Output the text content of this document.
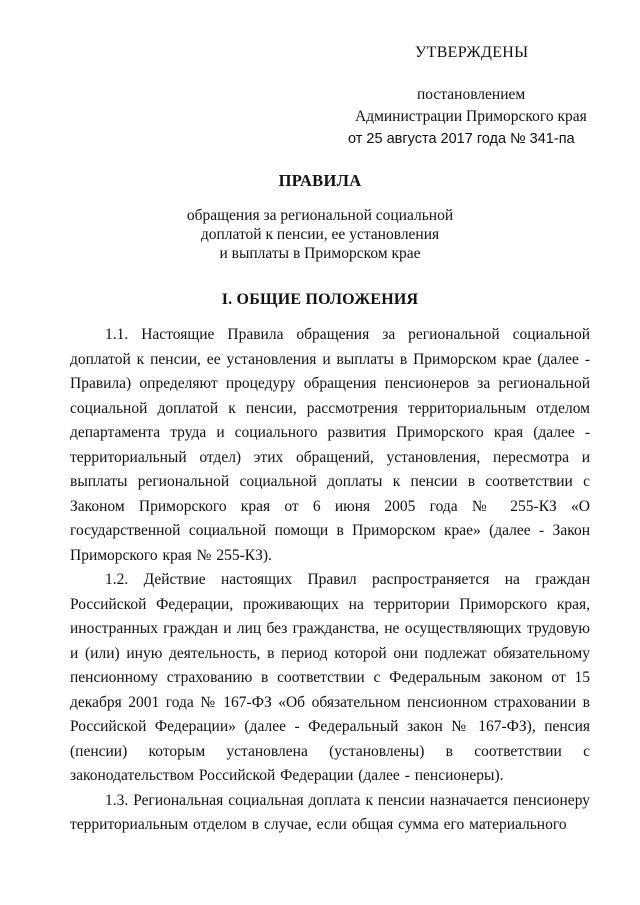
УТВЕРЖДЕНЫ
постановлением
Администрации Приморского края
от 25 августа 2017 года № 341-па
ПРАВИЛА
обращения за региональной социальной
доплатой к пенсии, ее установления
и выплаты в Приморском крае
I. ОБЩИЕ ПОЛОЖЕНИЯ

1.1. Настоящие Правила обращения за региональной социальной доплатой к пенсии, ее установления и выплаты в Приморском крае (далее - Правила) определяют процедуру обращения пенсионеров за региональной социальной доплатой к пенсии, рассмотрения территориальным отделом департамента труда и социального развития Приморского края (далее - территориальный отдел) этих обращений, установления, пересмотра и выплаты региональной социальной доплаты к пенсии в соответствии с Законом Приморского края от 6 июня 2005 года № 255-КЗ «О государственной социальной помощи в Приморском крае» (далее - Закон Приморского края № 255-КЗ).

1.2. Действие настоящих Правил распространяется на граждан Российской Федерации, проживающих на территории Приморского края, иностранных граждан и лиц без гражданства, не осуществляющих трудовую и (или) иную деятельность, в период которой они подлежат обязательному пенсионному страхованию в соответствии с Федеральным законом от 15 декабря 2001 года № 167-ФЗ «Об обязательном пенсионном страховании в Российской Федерации» (далее - Федеральный закон № 167-ФЗ), пенсия (пенсии) которым установлена (установлены) в соответствии с законодательством Российской Федерации (далее - пенсионеры).

1.3. Региональная социальная доплата к пенсии назначается пенсионеру территориальным отделом в случае, если общая сумма его материального
